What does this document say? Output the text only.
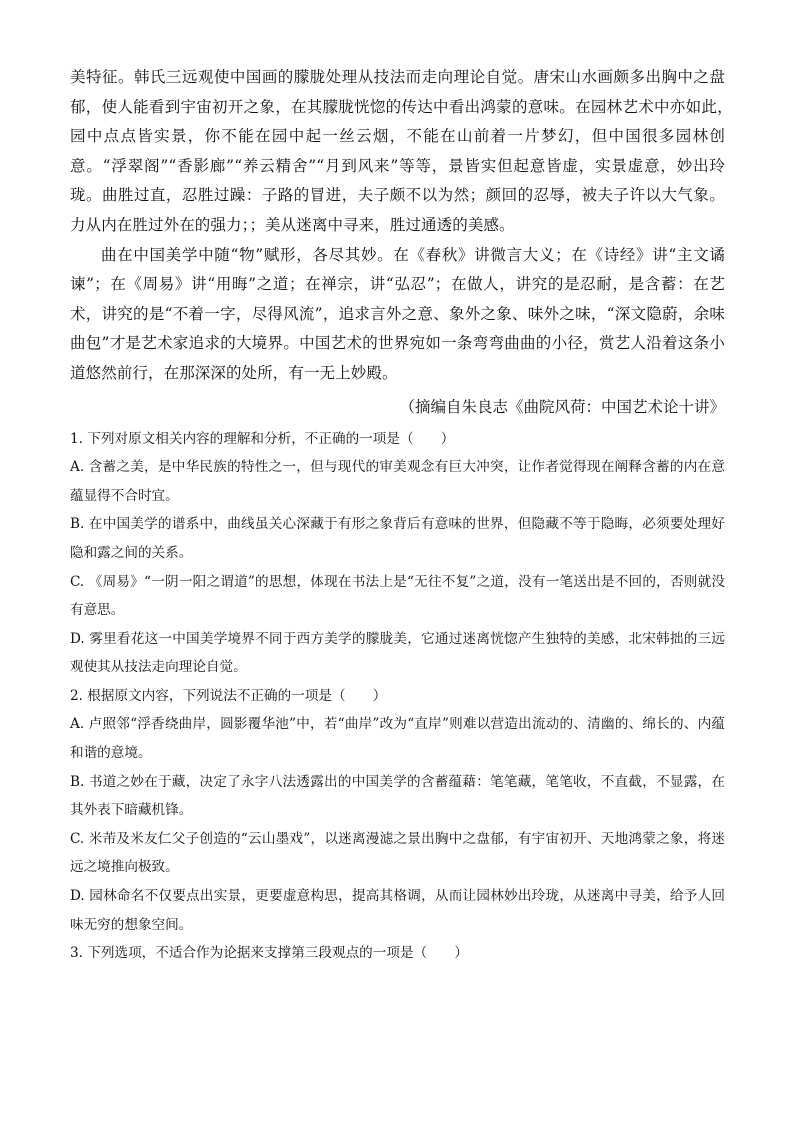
美特征。韩氏三远观使中国画的朦胧处理从技法而走向理论自觉。唐宋山水画颇多出胸中之盘郁，使人能看到宇宙初开之象，在其朦胧恍惚的传达中看出鸿蒙的意味。在园林艺术中亦如此，　　园中点点皆实景，你不能在园中起一丝云烟，不能在山前着一片梦幻，但中国很多园林创意。“浮翠阁”“香影廊”“养云精舍”“月到风来”等等，景皆实但起意皆虚，实景虚意，妙出玲珑。曲胜过直，忍胜过躁：子路的冒进，夫子颇不以为然；颜回的忍辱，被夫子许以大气象。力从内在胜过外在的强力；；美从迷离中寻来，胜过通透的美感。

曲在中国美学中随“物”赋形，各尽其妙。在《春秋》讲微言大义；在《诗经》讲“主文谲谏”；在《周易》讲“用晦”之道；在禅宗，讲“弘忍”；在做人，讲究的是忍耐，是含蓄：在艺术，讲究的是“不着一字，尽得风流”，追求言外之意、象外之象、味外之味，“深文隐蔚，余味曲包”才是艺术家追求的大境界。中国艺术的世界宛如一条弯弯曲曲的小径，赏艺人沿着这条小道悠然前行，在那深深的处所，有一无上妙殿。

（摘编自朱良志《曲院风荷：中国艺术论十讲》

1. 下列对原文相关内容的理解和分析，不正确的一项是（　　）

A. 含蓄之美，是中华民族的特性之一，但与现代的审美观念有巨大冲突，让作者觉得现在阐释含蓄的内在意蕴显得不合时宜。

B. 在中国美学的谱系中，曲线虽关心深藏于有形之象背后有意味的世界，但隐藏不等于隐晦，必须要处理好隐和露之间的关系。

C. 《周易》“一阴一阳之谓道”的思想，体现在书法上是“无往不复”之道，没有一笔送出是不回的，否则就没有意思。

D. 雾里看花这一中国美学境界不同于西方美学的朦胧美，它通过迷离恍惚产生独特的美感，北宋韩拙的三远观使其从技法走向理论自觉。

2. 根据原文内容，下列说法不正确的一项是（　　）

A. 卢照邻“浮香绕曲岸，圆影覆华池”中，若“曲岸”改为“直岸”则难以营造出流动的、清幽的、绵长的、内蕴和谐的意境。

B. 书道之妙在于藏，决定了永字八法透露出的中国美学的含蓄蕴藉：笔笔藏，笔笔收，不直截，不显露，在其外表下暗藏机锋。

C. 米芾及米友仁父子创造的“云山墨戏”，以迷离漫滤之景出胸中之盘郁，有宇宙初开、天地鸿蒙之象，将迷远之境推向极致。

D. 园林命名不仅要点出实景，更要虚意构思，提高其格调，从而让园林妙出玲珑，从迷离中寻美，给予人回味无穷的想象空间。

3. 下列选项，不适合作为论据来支撑第三段观点的一项是（　　）
